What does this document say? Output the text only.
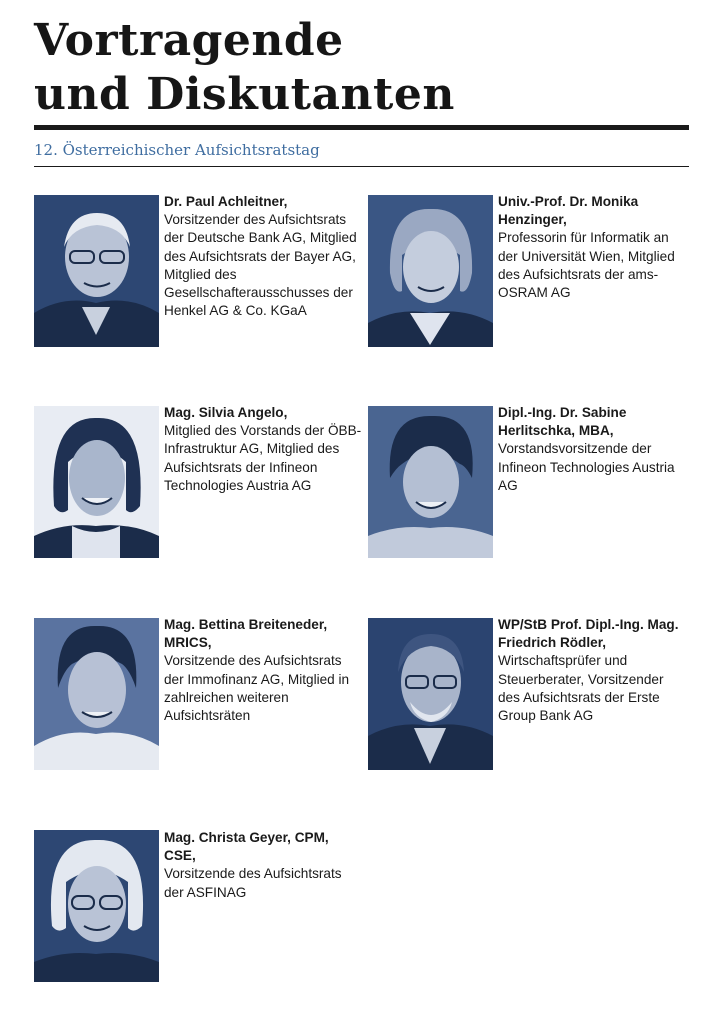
Vortragende
und Diskutanten
12. Österreichischer Aufsichtsratstag
Dr. Paul Achleitner,
Vorsitzender des Aufsichtsrats der Deutsche Bank AG, Mitglied des Aufsichtsrats der Bayer AG, Mitglied des Gesellschafterausschusses der Henkel AG & Co. KGaA
Univ.-Prof. Dr. Monika Henzinger,
Professorin für Informatik an der Universität Wien, Mitglied des Aufsichtsrats der ams-OSRAM AG
Mag. Silvia Angelo,
Mitglied des Vorstands der ÖBB-Infrastruktur AG, Mitglied des Aufsichtsrats der Infineon Technologies Austria AG
Dipl.-Ing. Dr. Sabine Herlitschka, MBA,
Vorstandsvorsitzende der Infineon Technologies Austria AG
Mag. Bettina Breiteneder, MRICS,
Vorsitzende des Aufsichtsrats der Immofinanz AG, Mitglied in zahlreichen weiteren Aufsichtsräten
WP/StB Prof. Dipl.-Ing. Mag. Friedrich Rödler,
Wirtschaftsprüfer und Steuerberater, Vorsitzender des Aufsichtsrats der Erste Group Bank AG
Mag. Christa Geyer, CPM, CSE,
Vorsitzende des Aufsichtsrats der ASFINAG
